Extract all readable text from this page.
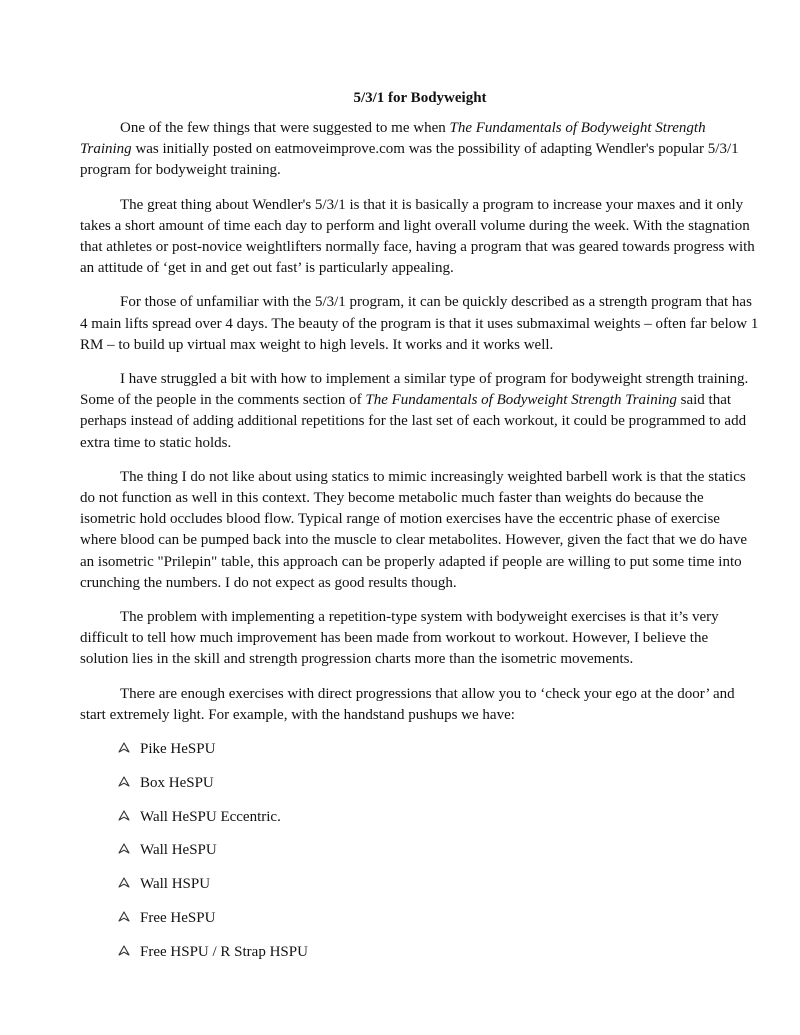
5/3/1 for Bodyweight

One of the few things that were suggested to me when The Fundamentals of Bodyweight Strength Training was initially posted on eatmoveimprove.com was the possibility of adapting Wendler's popular 5/3/1 program for bodyweight training.

The great thing about Wendler's 5/3/1 is that it is basically a program to increase your maxes and it only takes a short amount of time each day to perform and light overall volume during the week. With the stagnation that athletes or post-novice weightlifters normally face, having a program that was geared towards progress with an attitude of ‘get in and get out fast’ is particularly appealing.

For those of unfamiliar with the 5/3/1 program, it can be quickly described as a strength program that has 4 main lifts spread over 4 days. The beauty of the program is that it uses submaximal weights – often far below 1 RM – to build up virtual max weight to high levels. It works and it works well.

I have struggled a bit with how to implement a similar type of program for bodyweight strength training. Some of the people in the comments section of The Fundamentals of Bodyweight Strength Training said that perhaps instead of adding additional repetitions for the last set of each workout, it could be programmed to add extra time to static holds.

The thing I do not like about using statics to mimic increasingly weighted barbell work is that the statics do not function as well in this context. They become metabolic much faster than weights do because the isometric hold occludes blood flow. Typical range of motion exercises have the eccentric phase of exercise where blood can be pumped back into the muscle to clear metabolites. However, given the fact that we do have an isometric "Prilepin" table, this approach can be properly adapted if people are willing to put some time into crunching the numbers. I do not expect as good results though.

The problem with implementing a repetition-type system with bodyweight exercises is that it’s very difficult to tell how much improvement has been made from workout to workout. However, I believe the solution lies in the skill and strength progression charts more than the isometric movements.

There are enough exercises with direct progressions that allow you to ‘check your ego at the door’ and start extremely light. For example, with the handstand pushups we have:

Pike HeSPU
Box HeSPU
Wall HeSPU Eccentric.
Wall HeSPU
Wall HSPU
Free HeSPU
Free HSPU / R Strap HSPU
